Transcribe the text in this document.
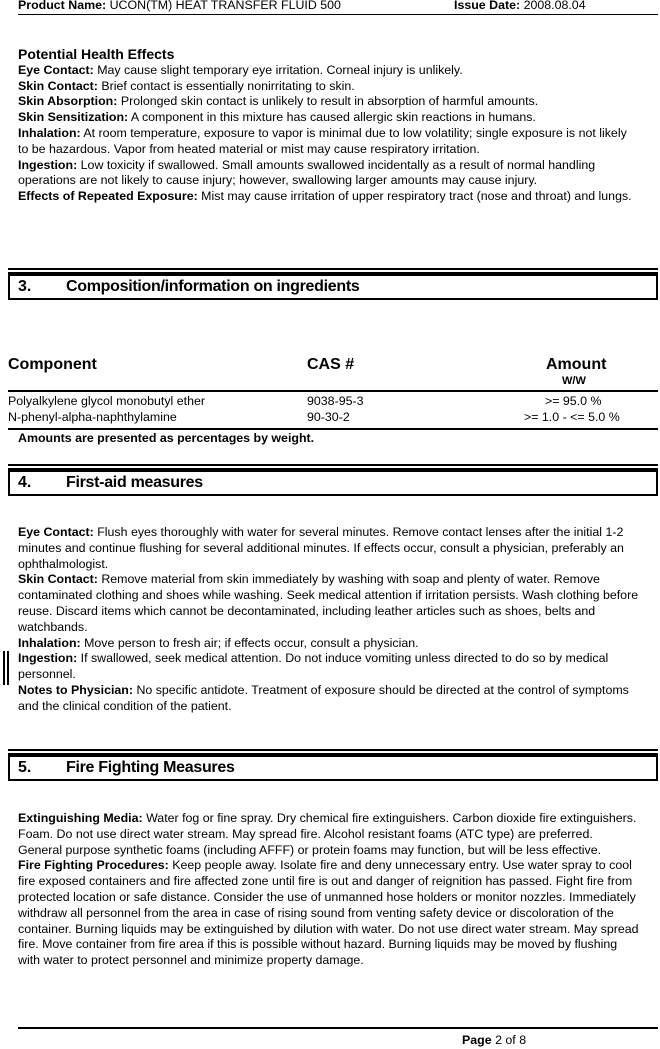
Product Name: UCON(TM) HEAT TRANSFER FLUID 500	Issue Date: 2008.08.04

Potential Health Effects

Eye Contact: May cause slight temporary eye irritation. Corneal injury is unlikely.

Skin Contact: Brief contact is essentially nonirritating to skin.

Skin Absorption: Prolonged skin contact is unlikely to result in absorption of harmful amounts.

Skin Sensitization: A component in this mixture has caused allergic skin reactions in humans.

Inhalation: At room temperature, exposure to vapor is minimal due to low volatility; single exposure is not likely to be hazardous. Vapor from heated material or mist may cause respiratory irritation.

Ingestion: Low toxicity if swallowed. Small amounts swallowed incidentally as a result of normal handling operations are not likely to cause injury; however, swallowing larger amounts may cause injury.

Effects of Repeated Exposure: Mist may cause irritation of upper respiratory tract (nose and throat) and lungs.

3. Composition/information on ingredients
Component	CAS #	Amount
W/W
Polyalkylene glycol monobutyl ether	9038-95-3	>= 95.0 %
N-phenyl-alpha-naphthylamine	90-30-2	>= 1.0 - <= 5.0 %

Amounts are presented as percentages by weight.

4. First-aid measures

Eye Contact: Flush eyes thoroughly with water for several minutes. Remove contact lenses after the initial 1-2 minutes and continue flushing for several additional minutes. If effects occur, consult a physician, preferably an ophthalmologist.

Skin Contact: Remove material from skin immediately by washing with soap and plenty of water. Remove contaminated clothing and shoes while washing. Seek medical attention if irritation persists. Wash clothing before reuse. Discard items which cannot be decontaminated, including leather articles such as shoes, belts and watchbands.

Inhalation: Move person to fresh air; if effects occur, consult a physician.

Ingestion: If swallowed, seek medical attention. Do not induce vomiting unless directed to do so by medical personnel.

Notes to Physician: No specific antidote. Treatment of exposure should be directed at the control of symptoms and the clinical condition of the patient.

5. Fire Fighting Measures

Extinguishing Media: Water fog or fine spray. Dry chemical fire extinguishers. Carbon dioxide fire extinguishers. Foam. Do not use direct water stream. May spread fire. Alcohol resistant foams (ATC type) are preferred. General purpose synthetic foams (including AFFF) or protein foams may function, but will be less effective.

Fire Fighting Procedures: Keep people away. Isolate fire and deny unnecessary entry. Use water spray to cool fire exposed containers and fire affected zone until fire is out and danger of reignition has passed. Fight fire from protected location or safe distance. Consider the use of unmanned hose holders or monitor nozzles. Immediately withdraw all personnel from the area in case of rising sound from venting safety device or discoloration of the container. Burning liquids may be extinguished by dilution with water. Do not use direct water stream. May spread fire. Move container from fire area if this is possible without hazard. Burning liquids may be moved by flushing with water to protect personnel and minimize property damage.

Page 2 of 8
